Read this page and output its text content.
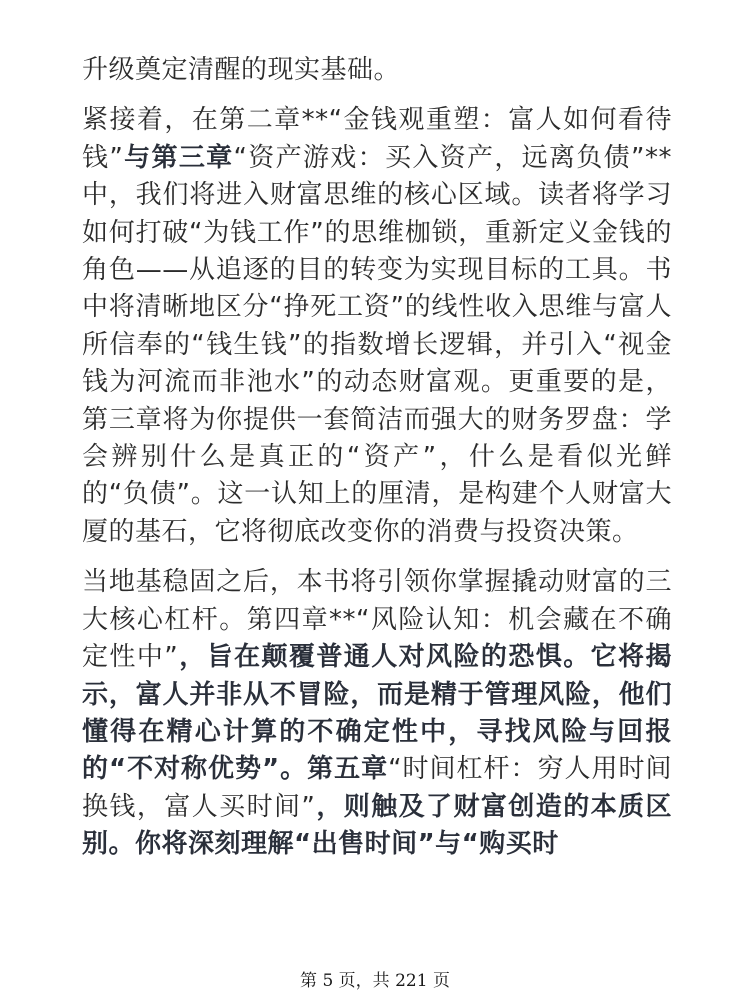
升级奠定清醒的现实基础。

紧接着，在第二章**“金钱观重塑：富人如何看待钱”与第三章“资产游戏：买入资产，远离负债”**中，我们将进入财富思维的核心区域。读者将学习如何打破“为钱工作”的思维枷锁，重新定义金钱的角色——从追逐的目的转变为实现目标的工具。书中将清晰地区分“挣死工资”的线性收入思维与富人所信奉的“钱生钱”的指数增长逻辑，并引入“视金钱为河流而非池水”的动态财富观。更重要的是，第三章将为你提供一套简洁而强大的财务罗盘：学会辨别什么是真正的“资产”，什么是看似光鲜的“负债”。这一认知上的厘清，是构建个人财富大厦的基石，它将彻底改变你的消费与投资决策。

当地基稳固之后，本书将引领你掌握撬动财富的三大核心杠杆。第四章**“风险认知：机会藏在不确定性中”，旨在颠覆普通人对风险的恐惧。它将揭示，富人并非从不冒险，而是精于管理风险，他们懂得在精心计算的不确定性中，寻找风险与回报的“不对称优势”。第五章“时间杠杆：穷人用时间换钱，富人买时间”，则触及了财富创造的本质区别。你将深刻理解“出售时间”与“购买时

第 5 页，共 221 页
